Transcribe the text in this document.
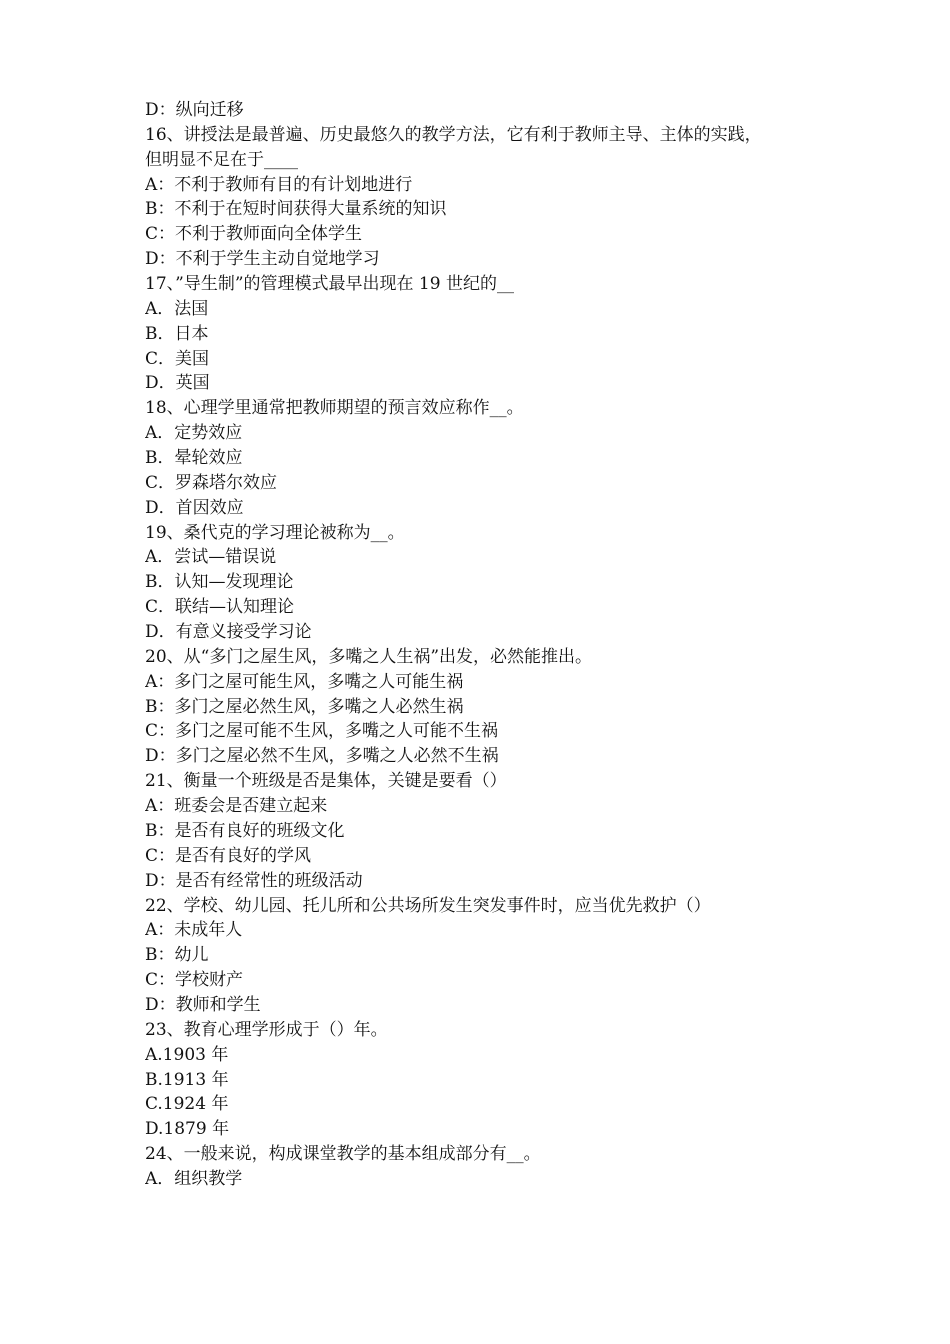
D：纵向迁移
16、讲授法是最普遍、历史最悠久的教学方法，它有利于教师主导、主体的实践，
但明显不足在于____
A：不利于教师有目的有计划地进行
B：不利于在短时间获得大量系统的知识
C：不利于教师面向全体学生
D：不利于学生主动自觉地学习
17、”导生制”的管理模式最早出现在 19 世纪的__
A．法国
B．日本
C．美国
D．英国
18、心理学里通常把教师期望的预言效应称作__。
A．定势效应
B．晕轮效应
C．罗森塔尔效应
D．首因效应
19、桑代克的学习理论被称为__。
A．尝试—错误说
B．认知—发现理论
C．联结—认知理论
D．有意义接受学习论
20、从“多门之屋生风，多嘴之人生祸”出发，必然能推出。
A：多门之屋可能生风，多嘴之人可能生祸
B：多门之屋必然生风，多嘴之人必然生祸
C：多门之屋可能不生风，多嘴之人可能不生祸
D：多门之屋必然不生风，多嘴之人必然不生祸
21、衡量一个班级是否是集体，关键是要看（）
A：班委会是否建立起来
B：是否有良好的班级文化
C：是否有良好的学风
D：是否有经常性的班级活动
22、学校、幼儿园、托儿所和公共场所发生突发事件时，应当优先救护（）
A：未成年人
B：幼儿
C：学校财产
D：教师和学生
23、教育心理学形成于（）年。
A.1903 年
B.1913 年
C.1924 年
D.1879 年
24、一般来说，构成课堂教学的基本组成部分有__。
A．组织教学
